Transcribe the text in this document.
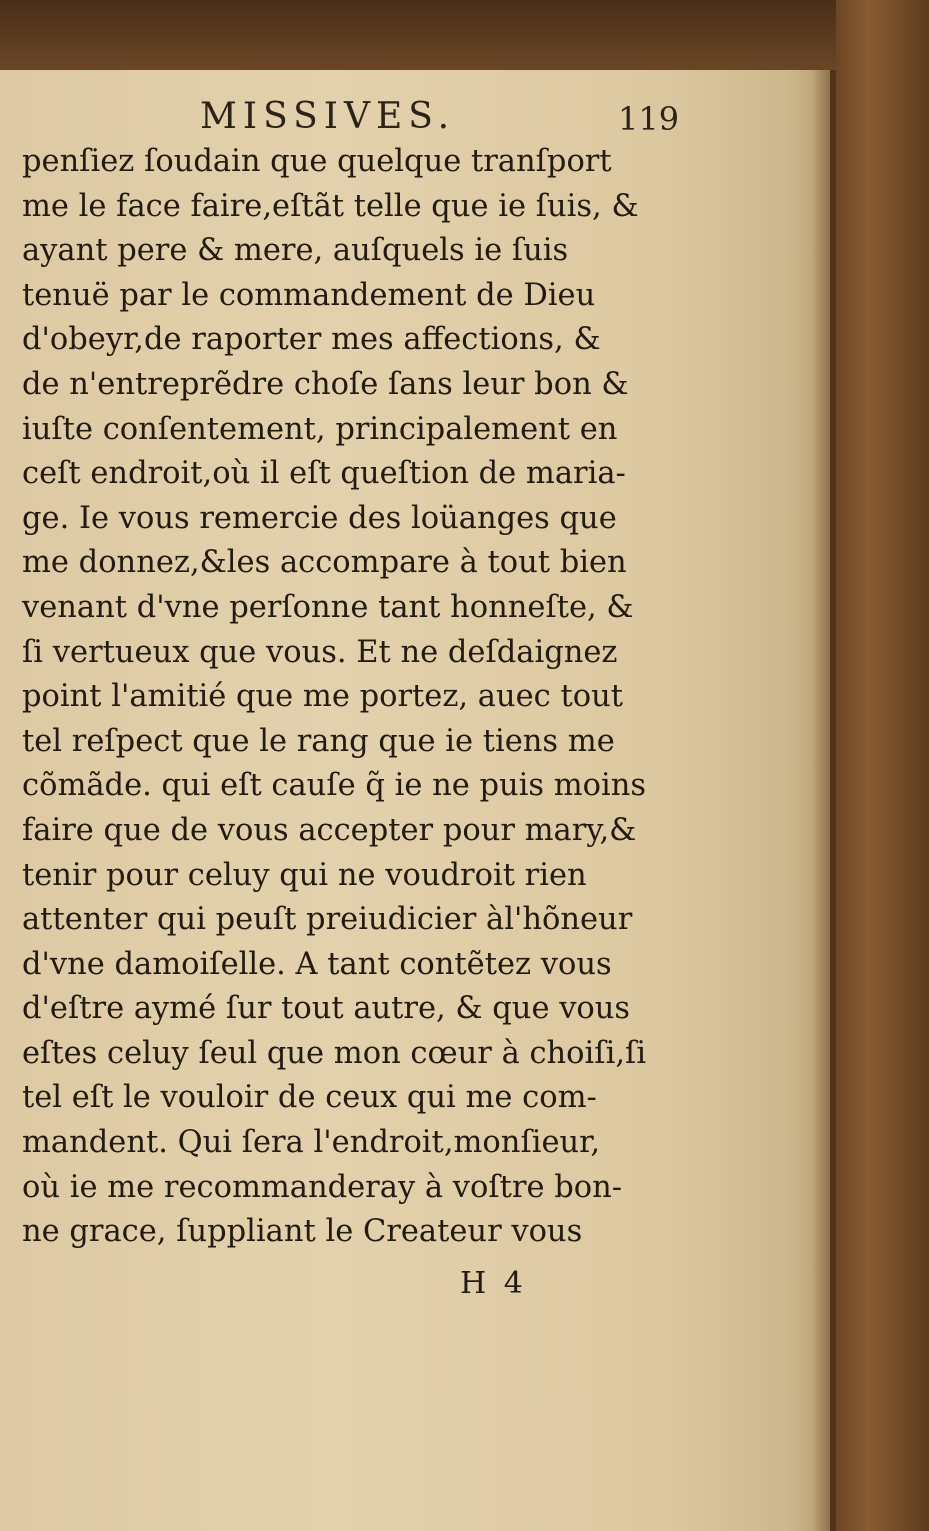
MISSIVES.	119
penſiez ſoudain que quelque tranſport
me le face faire,eſtãt telle que ie ſuis, &
ayant pere & mere, auſquels ie ſuis
tenuë par le commandement de Dieu
d'obeyr,de raporter mes affections, &
de n'entreprẽdre choſe ſans leur bon &
iuſte conſentement, principalement en
ceſt endroit,où il eſt queſtion de maria-
ge. Ie vous remercie des loüanges que
me donnez,&les accompare à tout bien
venant d'vne perſonne tant honneſte, &
ſi vertueux que vous. Et ne deſdaignez
point l'amitié que me portez, auec tout
tel reſpect que le rang que ie tiens me
cõmãde. qui eſt cauſe q̃ ie ne puis moins
faire que de vous accepter pour mary,&
tenir pour celuy qui ne voudroit rien
attenter qui peuſt preiudicier àl'hõneur
d'vne damoiſelle. A tant contẽtez vous
d'eſtre aymé ſur tout autre, & que vous
eſtes celuy ſeul que mon cœur à choiſi,ſi
tel eſt le vouloir de ceux qui me com-
mandent. Qui ſera l'endroit,monſieur,
où ie me recommanderay à voſtre bon-
ne grace, ſuppliant le Createur vous
H 4
